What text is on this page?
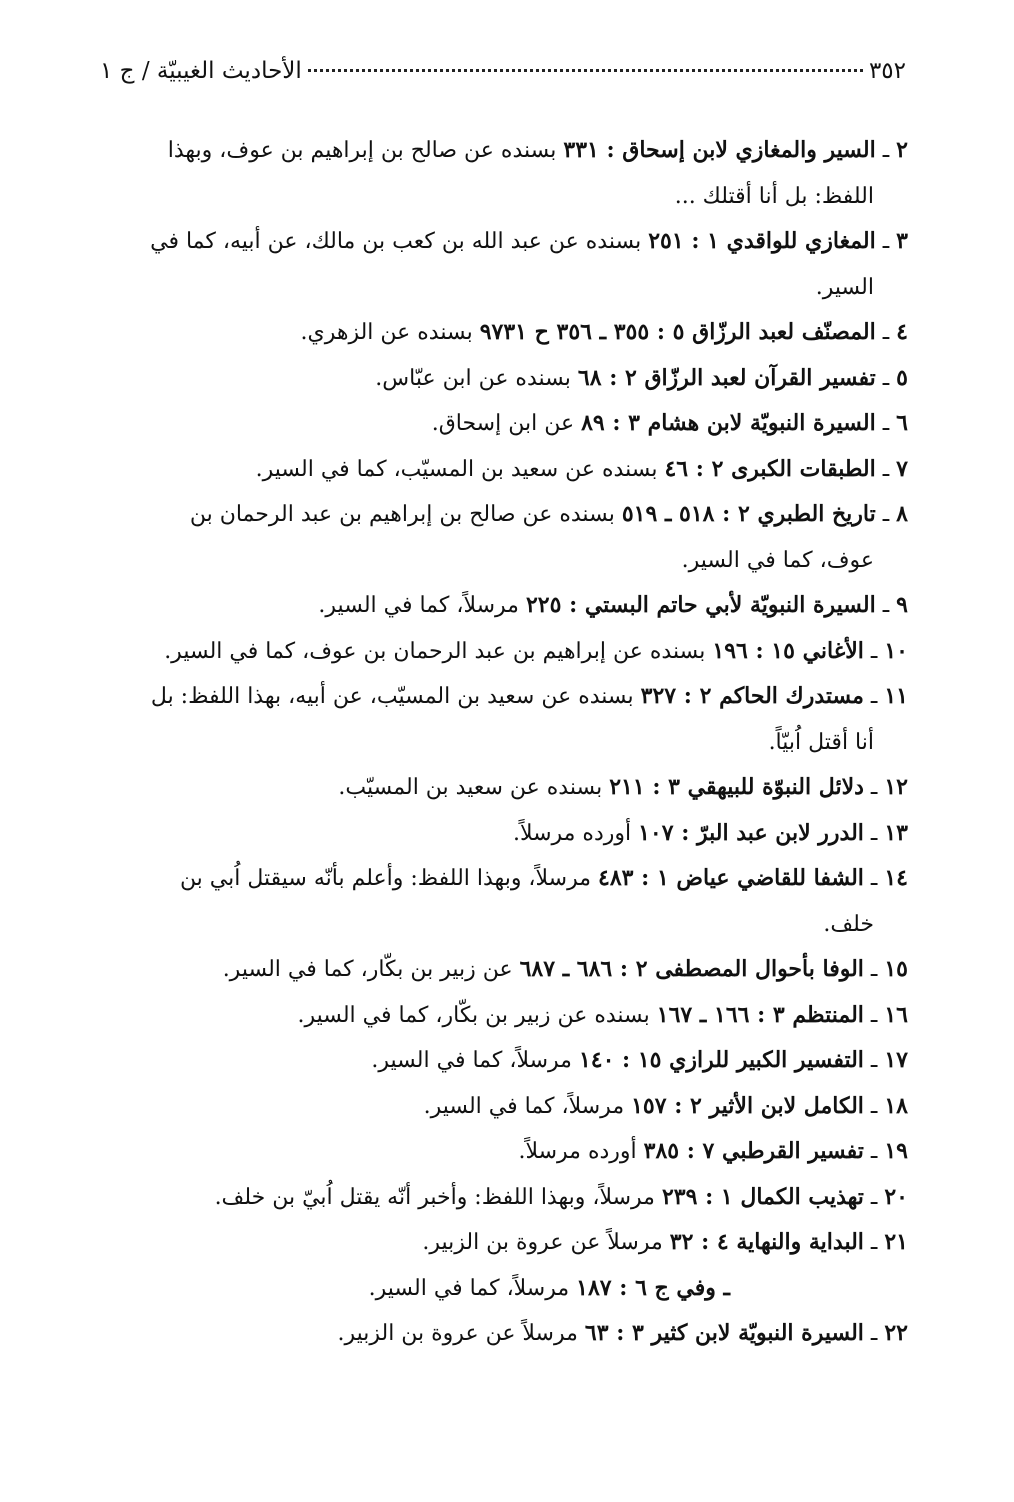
٣٥٢
الأحاديث الغيبيّة / ج ١
٢ ـ السير والمغازي لابن إسحاق : ٣٣١ بسنده عن صالح بن إبراهيم بن عوف، وبهذا
اللفظ: بل أنا أقتلك ...
٣ ـ المغازي للواقدي ١ : ٢٥١ بسنده عن عبد الله بن كعب بن مالك، عن أبيه، كما في
السير.
٤ ـ المصنّف لعبد الرزّاق ٥ : ٣٥٥ ـ ٣٥٦ ح ٩٧٣١ بسنده عن الزهري.
٥ ـ تفسير القرآن لعبد الرزّاق ٢ : ٦٨ بسنده عن ابن عبّاس.
٦ ـ السيرة النبويّة لابن هشام ٣ : ٨٩ عن ابن إسحاق.
٧ ـ الطبقات الكبرى ٢ : ٤٦ بسنده عن سعيد بن المسيّب، كما في السير.
٨ ـ تاريخ الطبري ٢ : ٥١٨ ـ ٥١٩ بسنده عن صالح بن إبراهيم بن عبد الرحمان بن
عوف، كما في السير.
٩ ـ السيرة النبويّة لأبي حاتم البستي : ٢٢٥ مرسلاً، كما في السير.
١٠ ـ الأغاني ١٥ : ١٩٦ بسنده عن إبراهيم بن عبد الرحمان بن عوف، كما في السير.
١١ ـ مستدرك الحاكم ٢ : ٣٢٧ بسنده عن سعيد بن المسيّب، عن أبيه، بهذا اللفظ: بل
أنا أقتل اُبيّاً.
١٢ ـ دلائل النبوّة للبيهقي ٣ : ٢١١ بسنده عن سعيد بن المسيّب.
١٣ ـ الدرر لابن عبد البرّ : ١٠٧ أورده مرسلاً.
١٤ ـ الشفا للقاضي عياض ١ : ٤٨٣ مرسلاً، وبهذا اللفظ: وأعلم بأنّه سيقتل اُبي بن
خلف.
١٥ ـ الوفا بأحوال المصطفى ٢ : ٦٨٦ ـ ٦٨٧ عن زبير بن بكّار، كما في السير.
١٦ ـ المنتظم ٣ : ١٦٦ ـ ١٦٧ بسنده عن زبير بن بكّار، كما في السير.
١٧ ـ التفسير الكبير للرازي ١٥ : ١٤٠ مرسلاً، كما في السير.
١٨ ـ الكامل لابن الأثير ٢ : ١٥٧ مرسلاً، كما في السير.
١٩ ـ تفسير القرطبي ٧ : ٣٨٥ أورده مرسلاً.
٢٠ ـ تهذيب الكمال ١ : ٢٣٩ مرسلاً، وبهذا اللفظ: وأخبر أنّه يقتل اُبيّ بن خلف.
٢١ ـ البداية والنهاية ٤ : ٣٢ مرسلاً عن عروة بن الزبير.
ـ وفي ج ٦ : ١٨٧ مرسلاً، كما في السير.
٢٢ ـ السيرة النبويّة لابن كثير ٣ : ٦٣ مرسلاً عن عروة بن الزبير.
